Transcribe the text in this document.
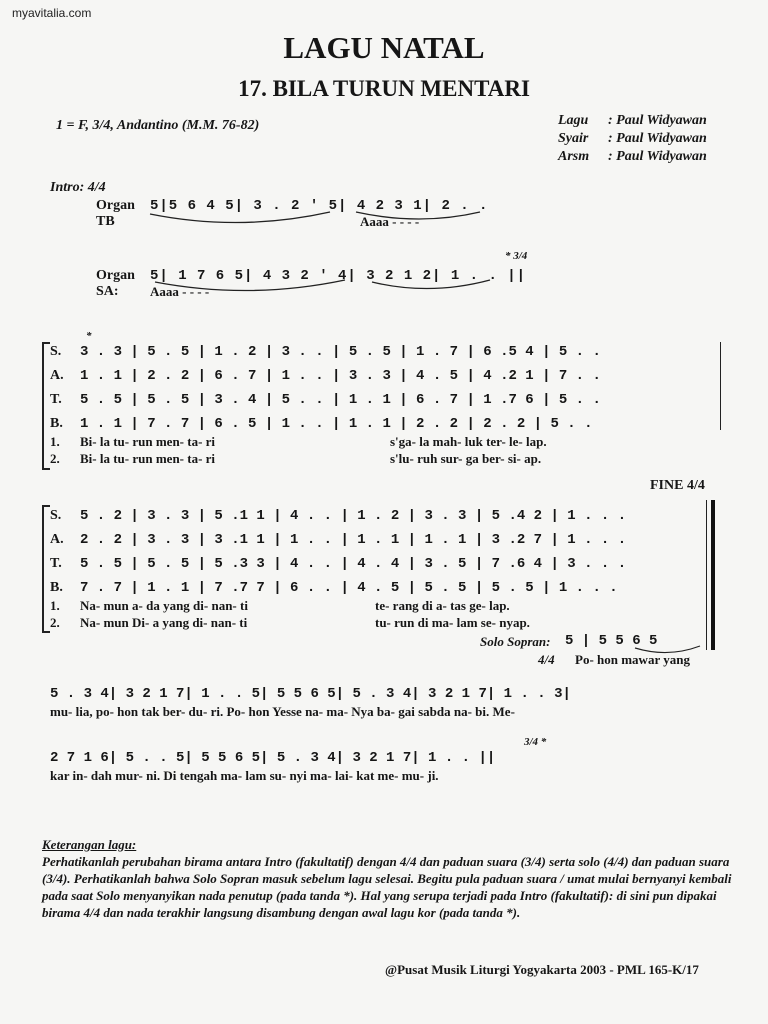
myavitalia.com
LAGU NATAL
17. BILA TURUN MENTARI
1 = F, 3/4, Andantino (M.M. 76-82)	Lagu : Paul Widyawan
Syair : Paul Widyawan
Arsm : Paul Widyawan
Intro: 4/4
Organ
TB
5|5 6 4 5| 3 . 2 ' 5| 4 2 3 1| 2 . .
Aaaa - - - -
* 3/4
Organ
SA:
5| 1 7 6 5| 4 3 2 ' 4| 3 2 1 2| 1 . . ||
Aaaa - - - -
*
S.
A.
T.
B.
3 . 3 | 5 . 5 | 1 . 2 | 3 . . | 5 . 5 | 1 . 7 | 6 .5 4 | 5 . .
1 . 1 | 2 . 2 | 6 . 7 | 1 . . | 3 . 3 | 4 . 5 | 4 .2 1 | 7 . .
5 . 5 | 5 . 5 | 3 . 4 | 5 . . | 1 . 1 | 6 . 7 | 1 .7 6 | 5 . .
1 . 1 | 7 . 7 | 6 . 5 | 1 . . | 1 . 1 | 2 . 2 | 2 . 2 | 5 . .
1.
2.
Bi- la tu- run men- ta- ri
Bi- la tu- run men- ta- ri
s'ga- la mah- luk ter- le- lap.
s'lu- ruh sur- ga ber- si- ap.
FINE 4/4
S.
A.
T.
B.
5 . 2 | 3 . 3 | 5 .1 1 | 4 . . | 1 . 2 | 3 . 3 | 5 .4 2 | 1 . . .
2 . 2 | 3 . 3 | 3 .1 1 | 1 . . | 1 . 1 | 1 . 1 | 3 .2 7 | 1 . . .
5 . 5 | 5 . 5 | 5 .3 3 | 4 . . | 4 . 4 | 3 . 5 | 7 .6 4 | 3 . . .
7 . 7 | 1 . 1 | 7 .7 7 | 6 . . | 4 . 5 | 5 . 5 | 5 . 5 | 1 . . .
1.
2.
Na- mun a- da yang di- nan- ti
Na- mun Di- a yang di- nan- ti
te- rang di a- tas ge- lap.
tu- run di ma- lam se- nyap.
Solo Sopran: 5 | 5 5 6 5
4/4 Po- hon mawar yang
5 . 3 4| 3 2 1 7| 1 . . 5| 5 5 6 5| 5 . 3 4| 3 2 1 7| 1 . . 3|
mu- lia, po- hon tak ber- du- ri. Po- hon Yesse na- ma- Nya ba- gai sabda na- bi. Me-
3/4 *
2 7 1 6| 5 . . 5| 5 5 6 5| 5 . 3 4| 3 2 1 7| 1 . . ||
kar in- dah mur- ni. Di tengah ma- lam su- nyi ma- lai- kat me- mu- ji.
Keterangan lagu:
Perhatikanlah perubahan birama antara Intro (fakultatif) dengan 4/4 dan paduan suara (3/4) serta solo (4/4) dan paduan suara (3/4). Perhatikanlah bahwa Solo Sopran masuk sebelum lagu selesai. Begitu pula paduan suara / umat mulai bernyanyi kembali pada saat Solo menyanyikan nada penutup (pada tanda *). Hal yang serupa terjadi pada Intro (fakultatif): di sini pun dipakai birama 4/4 dan nada terakhir langsung disambung dengan awal lagu kor (pada tanda *).
@Pusat Musik Liturgi Yogyakarta 2003 - PML 165-K/17
